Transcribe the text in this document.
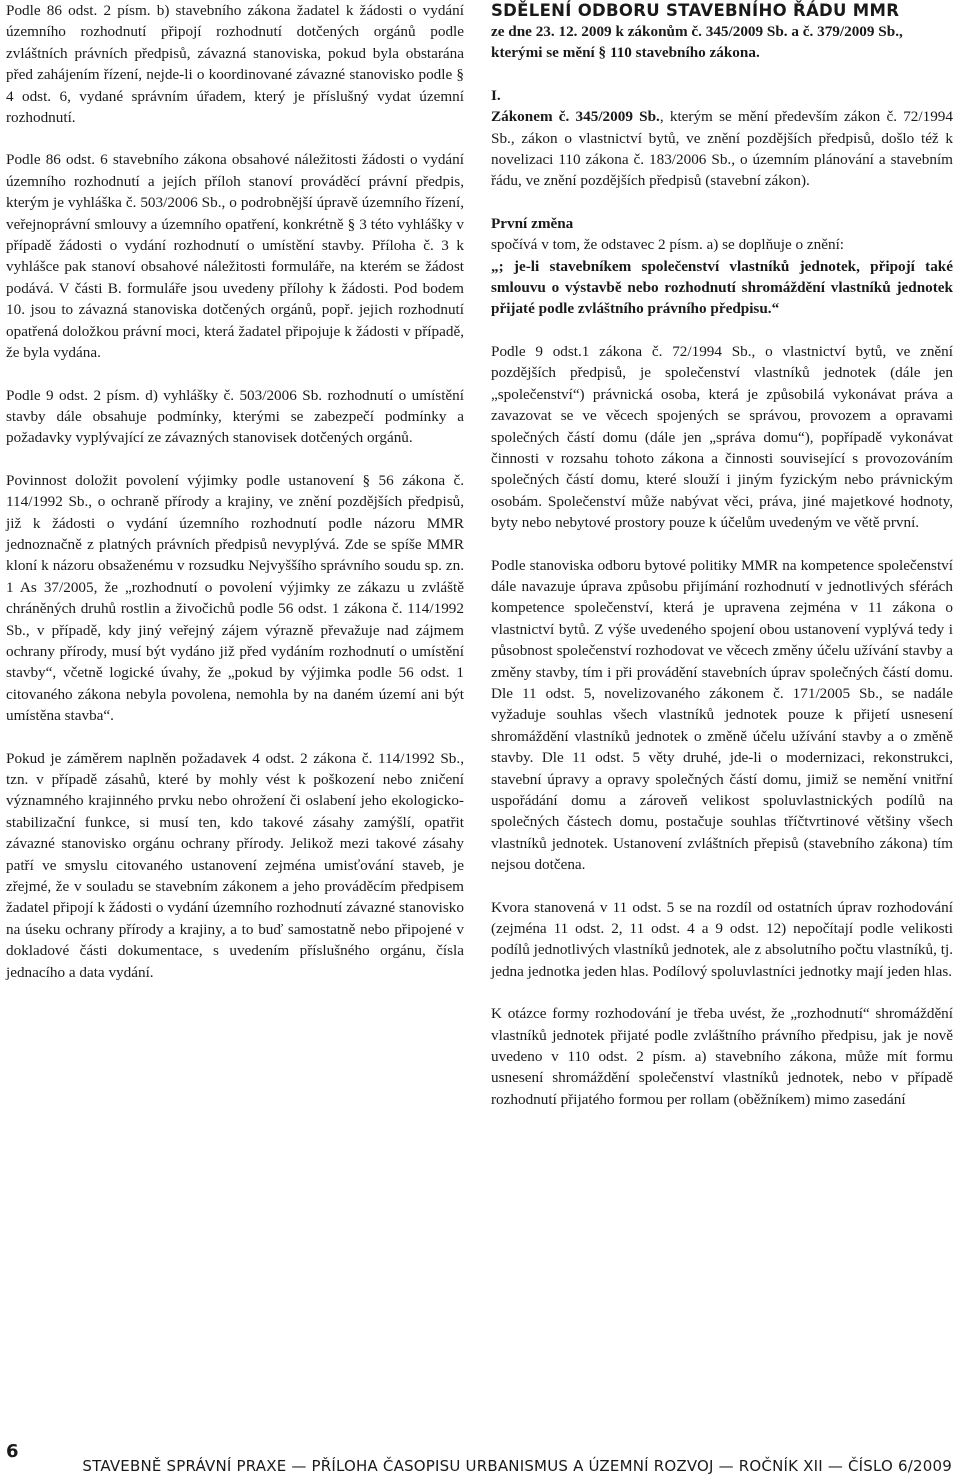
Podle 86 odst. 2 písm. b) stavebního zákona žadatel k žádosti o vydání územního rozhodnutí připojí rozhodnutí dotčených orgánů podle zvláštních právních předpisů, závazná stanoviska, pokud byla obstarána před zahájením řízení, nejde-li o koordinované závazné stanovisko podle § 4 odst. 6, vydané správním úřadem, který je příslušný vydat územní rozhodnutí.

Podle 86 odst. 6 stavebního zákona obsahové náležitosti žádosti o vydání územního rozhodnutí a jejích příloh stanoví prováděcí právní předpis, kterým je vyhláška č. 503/2006 Sb., o podrobnější úpravě územního řízení, veřejnoprávní smlouvy a územního opatření, konkrétně § 3 této vyhlášky v případě žádosti o vydání rozhodnutí o umístění stavby. Příloha č. 3 k vyhlášce pak stanoví obsahové náležitosti formuláře, na kterém se žádost podává. V části B. formuláře jsou uvedeny přílohy k žádosti. Pod bodem 10. jsou to závazná stanoviska dotčených orgánů, popř. jejich rozhodnutí opatřená doložkou právní moci, která žadatel připojuje k žádosti v případě, že byla vydána.

Podle 9 odst. 2 písm. d) vyhlášky č. 503/2006 Sb. rozhodnutí o umístění stavby dále obsahuje podmínky, kterými se zabezpečí podmínky a požadavky vyplývající ze závazných stanovisek dotčených orgánů.

Povinnost doložit povolení výjimky podle ustanovení § 56 zákona č. 114/1992 Sb., o ochraně přírody a krajiny, ve znění pozdějších předpisů, již k žádosti o vydání územního rozhodnutí podle názoru MMR jednoznačně z platných právních předpisů nevyplývá. Zde se spíše MMR kloní k názoru obsaženému v rozsudku Nejvyššího správního soudu sp. zn. 1 As 37/2005, že „rozhodnutí o povolení výjimky ze zákazu u zvláště chráněných druhů rostlin a živočichů podle 56 odst. 1 zákona č. 114/1992 Sb., v případě, kdy jiný veřejný zájem výrazně převažuje nad zájmem ochrany přírody, musí být vydáno již před vydáním rozhodnutí o umístění stavby“, včetně logické úvahy, že „pokud by výjimka podle 56 odst. 1 citovaného zákona nebyla povolena, nemohla by na daném území ani být umístěna stavba“.

Pokud je záměrem naplněn požadavek 4 odst. 2 zákona č. 114/1992 Sb., tzn. v případě zásahů, které by mohly vést k poškození nebo zničení významného krajinného prvku nebo ohrožení či oslabení jeho ekologicko-stabilizační funkce, si musí ten, kdo takové zásahy zamýšlí, opatřit závazné stanovisko orgánu ochrany přírody. Jelikož mezi takové zásahy patří ve smyslu citovaného ustanovení zejména umisťování staveb, je zřejmé, že v souladu se stavebním zákonem a jeho prováděcím předpisem žadatel připojí k žádosti o vydání územního rozhodnutí závazné stanovisko na úseku ochrany přírody a krajiny, a to buď samostatně nebo připojené v dokladové části dokumentace, s uvedením příslušného orgánu, čísla jednacího a data vydání.

SDĚLENÍ ODBORU STAVEBNÍHO ŘÁDU MMR
ze dne 23. 12. 2009 k zákonům č. 345/2009 Sb. a č. 379/2009 Sb., kterými se mění § 110 stavebního zákona.
I.

Zákonem č. 345/2009 Sb., kterým se mění především zákon č. 72/1994 Sb., zákon o vlastnictví bytů, ve znění pozdějších předpisů, došlo též k novelizaci 110 zákona č. 183/2006 Sb., o územním plánování a stavebním řádu, ve znění pozdějších předpisů (stavební zákon).

První změna
spočívá v tom, že odstavec 2 písm. a) se doplňuje o znění:

„; je-li stavebníkem společenství vlastníků jednotek, připojí také smlouvu o výstavbě nebo rozhodnutí shromáždění vlastníků jednotek přijaté podle zvláštního právního předpisu.“

Podle 9 odst.1 zákona č. 72/1994 Sb., o vlastnictví bytů, ve znění pozdějších předpisů, je společenství vlastníků jednotek (dále jen „společenství“) právnická osoba, která je způsobilá vykonávat práva a zavazovat se ve věcech spojených se správou, provozem a opravami společných částí domu (dále jen „správa domu“), popřípadě vykonávat činnosti v rozsahu tohoto zákona a činnosti související s provozováním společných částí domu, které slouží i jiným fyzickým nebo právnickým osobám. Společenství může nabývat věci, práva, jiné majetkové hodnoty, byty nebo nebytové prostory pouze k účelům uvedeným ve větě první.

Podle stanoviska odboru bytové politiky MMR na kompetence společenství dále navazuje úprava způsobu přijímání rozhodnutí v jednotlivých sférách kompetence společenství, která je upravena zejména v 11 zákona o vlastnictví bytů. Z výše uvedeného spojení obou ustanovení vyplývá tedy i působnost společenství rozhodovat ve věcech změny účelu užívání stavby a změny stavby, tím i při provádění stavebních úprav společných částí domu. Dle 11 odst. 5, novelizovaného zákonem č. 171/2005 Sb., se nadále vyžaduje souhlas všech vlastníků jednotek pouze k přijetí usnesení shromáždění vlastníků jednotek o změně účelu užívání stavby a o změně stavby. Dle 11 odst. 5 věty druhé, jde-li o modernizaci, rekonstrukci, stavební úpravy a opravy společných částí domu, jimiž se nemění vnitřní uspořádání domu a zároveň velikost spoluvlastnických podílů na společných částech domu, postačuje souhlas tříčtvrtinové většiny všech vlastníků jednotek. Ustanovení zvláštních přepisů (stavebního zákona) tím nejsou dotčena.

Kvora stanovená v 11 odst. 5 se na rozdíl od ostatních úprav rozhodování (zejména 11 odst. 2, 11 odst. 4 a 9 odst. 12) nepočítají podle velikosti podílů jednotlivých vlastníků jednotek, ale z absolutního počtu vlastníků, tj. jedna jednotka jeden hlas. Podílový spoluvlastníci jednotky mají jeden hlas.

K otázce formy rozhodování je třeba uvést, že „rozhodnutí“ shromáždění vlastníků jednotek přijaté podle zvláštního právního předpisu, jak je nově uvedeno v 110 odst. 2 písm. a) stavebního zákona, může mít formu usnesení shromáždění společenství vlastníků jednotek, nebo v případě rozhodnutí přijatého formou per rollam (oběžníkem) mimo zasedání

6
STAVEBNĚ SPRÁVNÍ PRAXE — PŘÍLOHA ČASOPISU URBANISMUS A ÚZEMNÍ ROZVOJ — ROČNÍK XII — ČÍSLO 6/2009
